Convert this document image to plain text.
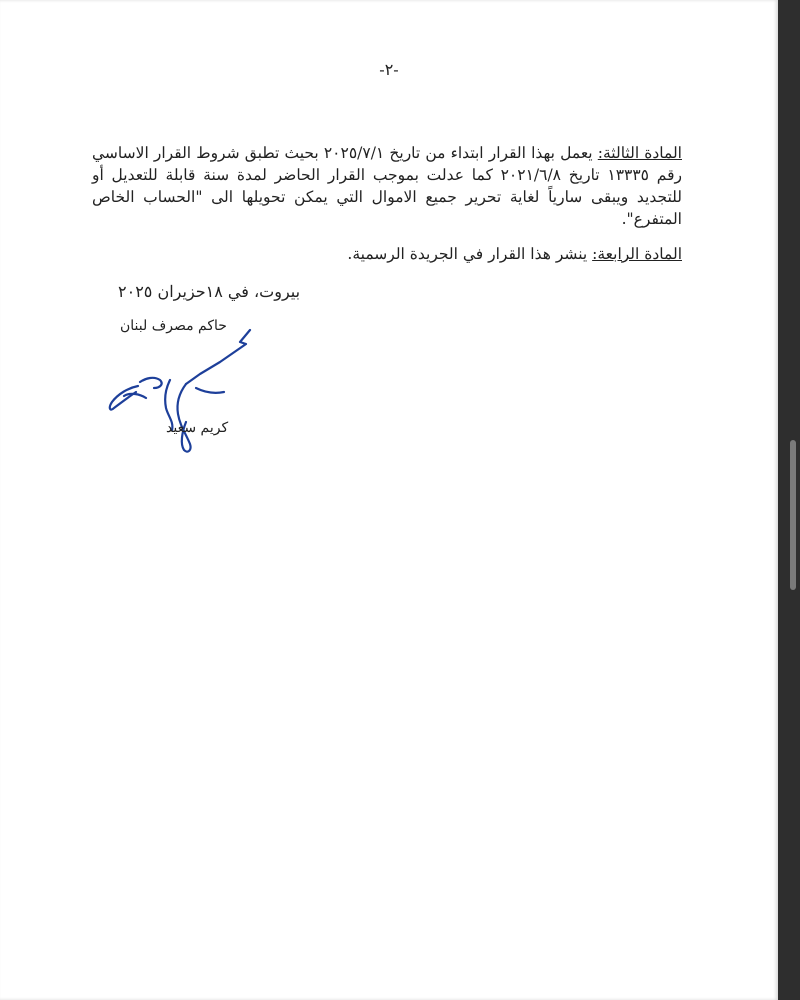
-٢-
المادة الثالثة: يعمل بهذا القرار ابتداء من تاريخ ٢٠٢٥/٧/١ بحيث تطبق شروط القرار الاساسي رقم ١٣٣٣٥ تاريخ ٢٠٢١/٦/٨ كما عدلت بموجب القرار الحاضر لمدة سنة قابلة للتعديل أو للتجديد ويبقى سارياً لغاية تحرير جميع الاموال التي يمكن تحويلها الى "الحساب الخاص المتفرع".
المادة الرابعة: ينشر هذا القرار في الجريدة الرسمية.
بيروت، في ١٨حزيران ٢٠٢٥
حاكم مصرف لبنان
كريم سعيد
